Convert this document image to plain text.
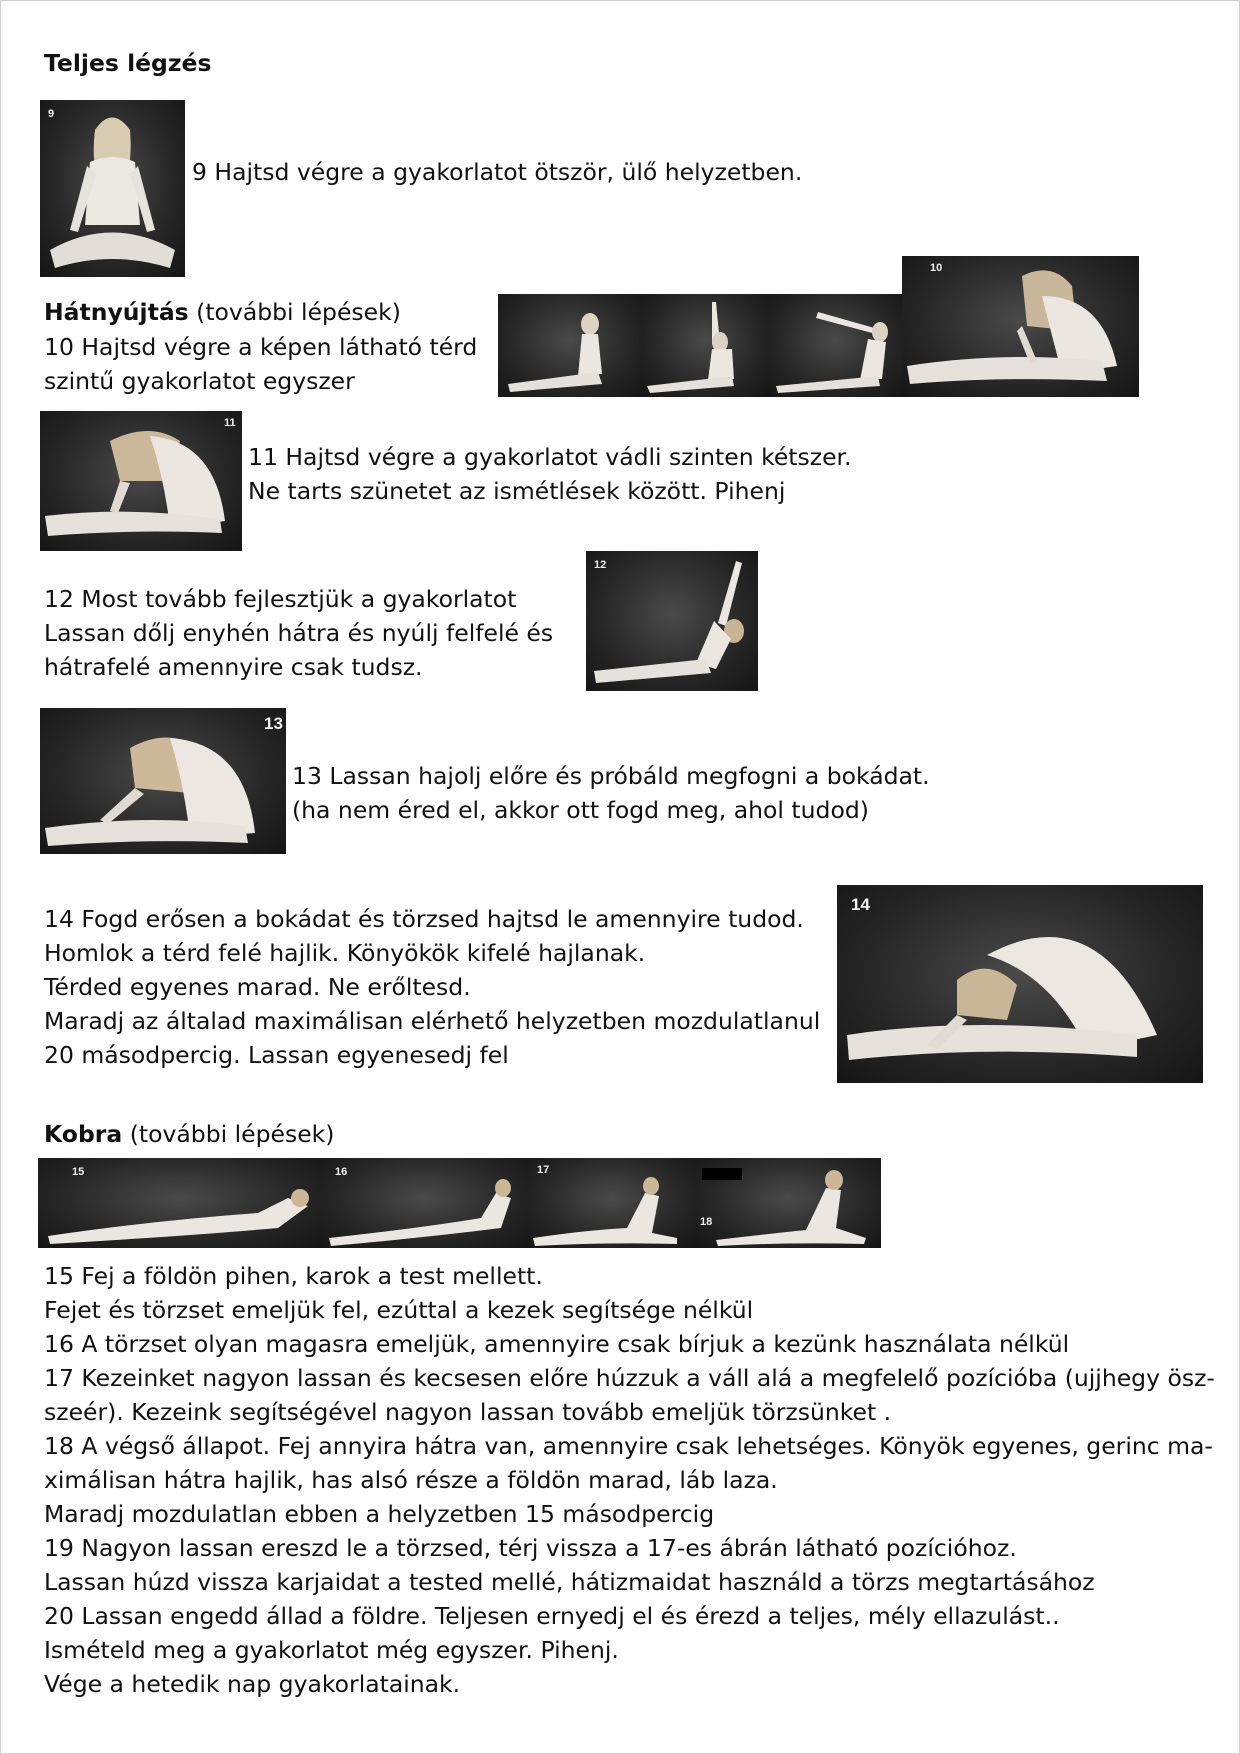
Teljes légzés
9
9 Hajtsd végre a gyakorlatot ötször, ülő helyzetben.
Hátnyújtás (további lépések)
10 Hajtsd végre a képen látható térd
szintű gyakorlatot egyszer
10
11
11 Hajtsd végre a gyakorlatot vádli szinten kétszer.
Ne tarts szünetet az ismétlések között. Pihenj
12 Most tovább fejlesztjük a gyakorlatot
Lassan dőlj enyhén hátra és nyúlj felfelé és
hátrafelé amennyire csak tudsz.
12
13
13 Lassan hajolj előre és próbáld megfogni a bokádat.
(ha nem éred el, akkor ott fogd meg, ahol tudod)
14 Fogd erősen a bokádat és törzsed hajtsd le amennyire tudod.
Homlok a térd felé hajlik. Könyökök kifelé hajlanak.
Térded egyenes marad. Ne erőltesd.
Maradj az általad maximálisan elérhető helyzetben mozdulatlanul
20 másodpercig. Lassan egyenesedj fel
14
Kobra (további lépések)
15	16	17
18
15 Fej a földön pihen, karok a test mellett.
Fejet és törzset emeljük fel, ezúttal a kezek segítsége nélkül
16 A törzset olyan magasra emeljük, amennyire csak bírjuk a kezünk használata nélkül
17 Kezeinket nagyon lassan és kecsesen előre húzzuk a váll alá a megfelelő pozícióba (ujjhegy ösz-
szeér). Kezeink segítségével nagyon lassan tovább emeljük törzsünket .
18 A végső állapot. Fej annyira hátra van, amennyire csak lehetséges. Könyök egyenes, gerinc ma-
ximálisan hátra hajlik, has alsó része a földön marad, láb laza.
Maradj mozdulatlan ebben a helyzetben 15 másodpercig
19 Nagyon lassan ereszd le a törzsed, térj vissza a 17-es ábrán látható pozícióhoz.
Lassan húzd vissza karjaidat a tested mellé, hátizmaidat használd a törzs megtartásához
20 Lassan engedd állad a földre. Teljesen ernyedj el és érezd a teljes, mély ellazulást..
Ismételd meg a gyakorlatot még egyszer. Pihenj.
Vége a hetedik nap gyakorlatainak.
